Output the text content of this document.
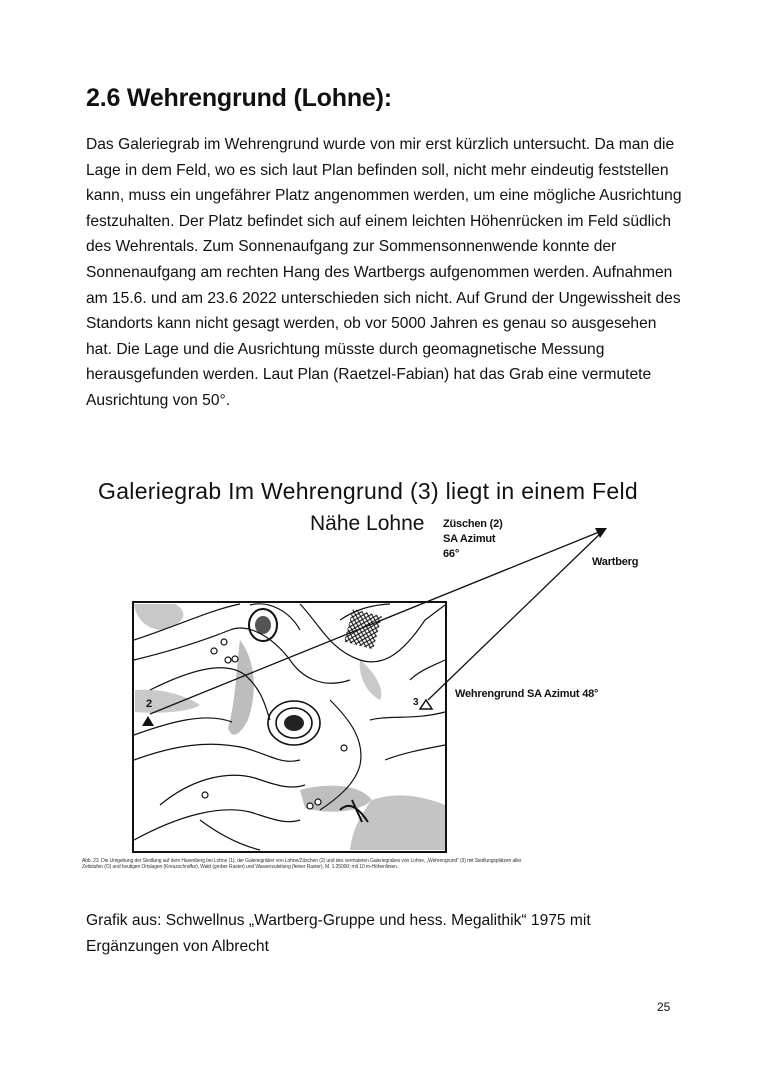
2.6 Wehrengrund (Lohne):

Das Galeriegrab im Wehrengrund wurde von mir erst kürzlich untersucht. Da man die Lage in dem Feld, wo es sich laut Plan befinden soll, nicht mehr eindeutig feststellen kann, muss ein ungefährer Platz angenommen werden, um eine mögliche Ausrichtung festzuhalten. Der Platz befindet sich auf einem leichten Höhenrücken im Feld südlich des Wehrentals. Zum Sonnenaufgang zur Sommensonnenwende konnte der Sonnenaufgang am rechten Hang des Wartbergs aufgenommen werden. Aufnahmen am 15.6. und am 23.6 2022 unterschieden sich nicht. Auf Grund der Ungewissheit des Standorts kann nicht gesagt werden, ob vor 5000 Jahren es genau so ausgesehen hat. Die Lage und die Ausrichtung müsste durch geomagnetische Messung herausgefunden werden. Laut Plan (Raetzel-Fabian) hat das Grab eine vermutete Ausrichtung von 50°.

Galeriegrab Im Wehrengrund (3) liegt in einem Feld
Nähe Lohne Züschen (2)
SA Azimut
66°
Wartberg
Wehrengrund SA Azimut 48°
2	3

Abb. 23. Die Umgebung der Siedlung auf dem Hasenberg bei Lohne (1), der Galeriegräber von Lohne/Züschen (2) und des vermuteten Galeriegrabes von Lohne, „Wehrengrund“ (3) mit Siedlungsplätzen aller Zeitstufen (O) und heutigen Ortslagen (Kreuzschraffur), Wald (grober Raster) und Wasserzuleitung (feiner Raster). M. 1:25000; mit 10 m-Höhenlinien.

Grafik aus: Schwellnus „Wartberg-Gruppe und hess. Megalithik“ 1975 mit Ergänzungen von Albrecht

25
